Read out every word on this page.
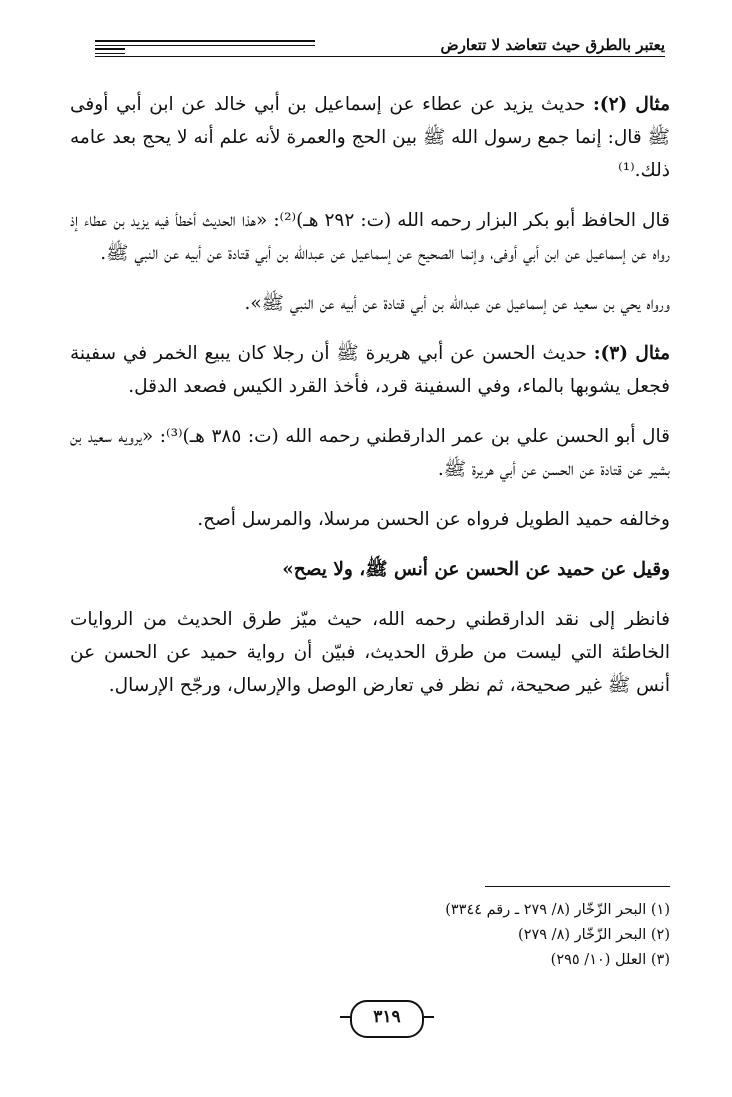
يعتبر بالطرق حيث تتعاضد لا تتعارض

مثال (٢): حديث يزيد عن عطاء عن إسماعيل بن أبي خالد عن ابن أبي أوفى ﷺ قال: إنما جمع رسول الله ﷺ بين الحج والعمرة لأنه علم أنه لا يحج بعد عامه ذلك.⁽¹⁾

قال الحافظ أبو بكر البزار رحمه الله (ت: ٢٩٢ هـ)⁽²⁾: «هذا الحديث أخطأ فيه يزيد بن عطاء إذ رواه عن إسماعيل عن ابن أبي أوفى، وإنما الصحيح عن إسماعيل عن عبدالله بن أبي قتادة عن أبيه عن النبي ﷺ.

ورواه يحي بن سعيد عن إسماعيل عن عبدالله بن أبي قتادة عن أبيه عن النبي ﷺ».

مثال (٣): حديث الحسن عن أبي هريرة ﷺ أن رجلا كان يبيع الخمر في سفينة فجعل يشوبها بالماء، وفي السفينة قرد، فأخذ القرد الكيس فصعد الدقل.

قال أبو الحسن علي بن عمر الدارقطني رحمه الله (ت: ٣٨٥ هـ)⁽³⁾: «يرويه سعيد بن بشير عن قتادة عن الحسن عن أبي هريرة ﷺ.

وخالفه حميد الطويل فرواه عن الحسن مرسلا، والمرسل أصح.

وقيل عن حميد عن الحسن عن أنس ﷺ، ولا يصح»

فانظر إلى نقد الدارقطني رحمه الله، حيث ميّز طرق الحديث من الروايات الخاطئة التي ليست من طرق الحديث، فبيّن أن رواية حميد عن الحسن عن أنس ﷺ غير صحيحة، ثم نظر في تعارض الوصل والإرسال، ورجّح الإرسال.

(١) البحر الزّخّار (٨/ ٢٧٩ ـ رقم ٣٣٤٤)
(٢) البحر الزّخّار (٨/ ٢٧٩)
(٣) العلل (١٠/ ٢٩٥)
٣١٩
